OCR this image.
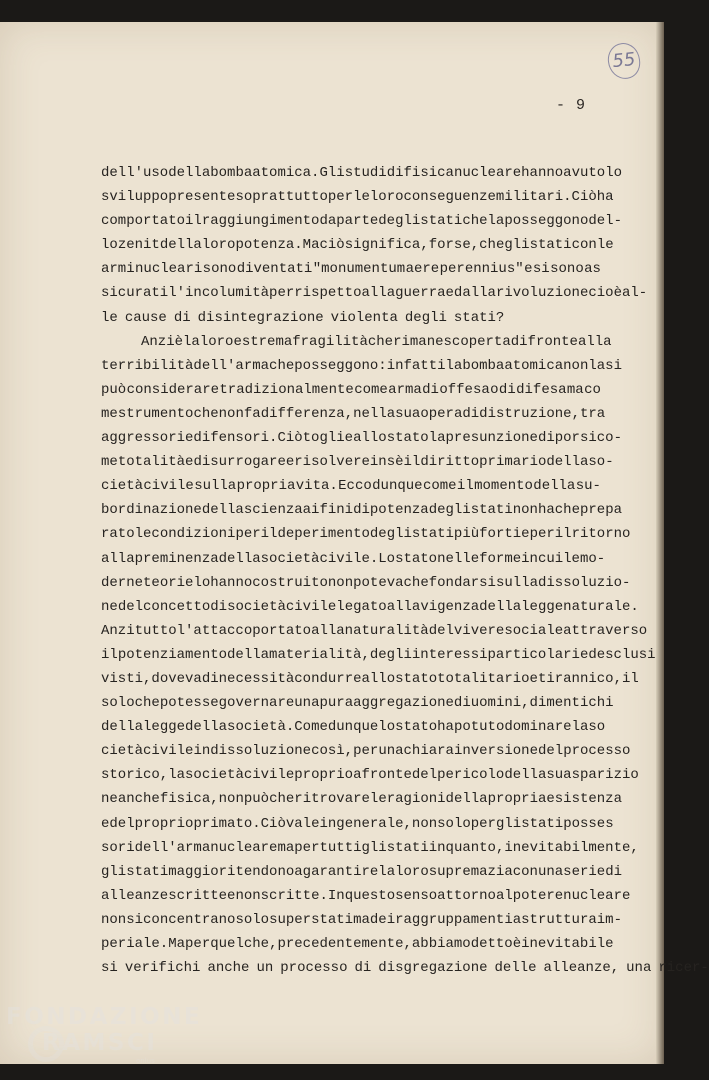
55
- 9
dell'uso della bomba atomica. Gli studi di fisica nucleare hanno avuto lo
sviluppo presente soprattutto per le loro conseguenze militari. Ciò ha
comportato il raggiungimento da parte degli stati che la posseggono del-
lo zenit della loro potenza. Ma ciò significa, forse, che gli stati con le
armi nucleari sono diventati "monumentum aere perennius" e si sono as
sicurati l'incolumità per rispetto alla guerra ed alla rivoluzione cioè al-
le cause di disintegrazione violenta degli stati?
Anzi è la loro estrema fragilità che rimane scoperta di fronte alla
terribilità dell'arma che posseggono: infatti la bomba atomica non la si
può considerare tradizionalmente come arma di offesa o di difesa ma co
me strumento che non fa differenza, nella sua opera di distruzione, tra
aggressori e difensori. Ciò toglie allo stato la presunzione di porsi co-
me totalità e di surrogare e risolvere in sè il diritto primario della so-
cietà civile sulla propria vita. Ecco dunque come il momento della su-
bordinazione della scienza ai fini di potenza degli stati non ha che prepa
rato le condizioni per il d eperimento degli stati più forti e per il ritorno
alla preminenza della società civile. Lo stato nelle forme in cui le mo-
derne teorie lo hanno costruito non poteva che fondarsi sulla dissoluzio-
ne del concetto di società civile legato alla vigenza della legge naturale.
Anzi tutto l'attacco portato alla naturalità del vivere sociale attraverso
il potenziamento della materialità, degli interessi particolari ed esclusi
visti, doveva di necessità condurre allo stato totalitario e tirannico, il
solo che potesse governare una pura aggregazione di uomini, dimentichi
della legge della società. Come dunque lo stato ha potuto dominare la so
cietà civile in dissoluzione così, per una chiara inversione del processo
storico, la società civile proprio a fronte del pericolo della sua sparizio
ne anche fisica, non può che ritrovare le ragioni della propria esistenza
e del proprio primato. Ciò vale in generale, non solo per gli stati posses
sori dell'arma nucleare ma per tutti gli stati in quanto, inevitabilmente,
gli stati maggiori tendono a garantire la loro supremazia con una serie di
alleanze scritte e non scritte. In questo senso attorno al potere nucleare
non si concentrano solo superstati ma dei raggruppamenti a struttura im-
periale. Ma per quel che, precedentemente, abbiamo detto è inevitabile
si verifichi anche un processo di disgregazione delle alleanze, una ricer-
FONDAZIONE
RAMSCI
onlus
